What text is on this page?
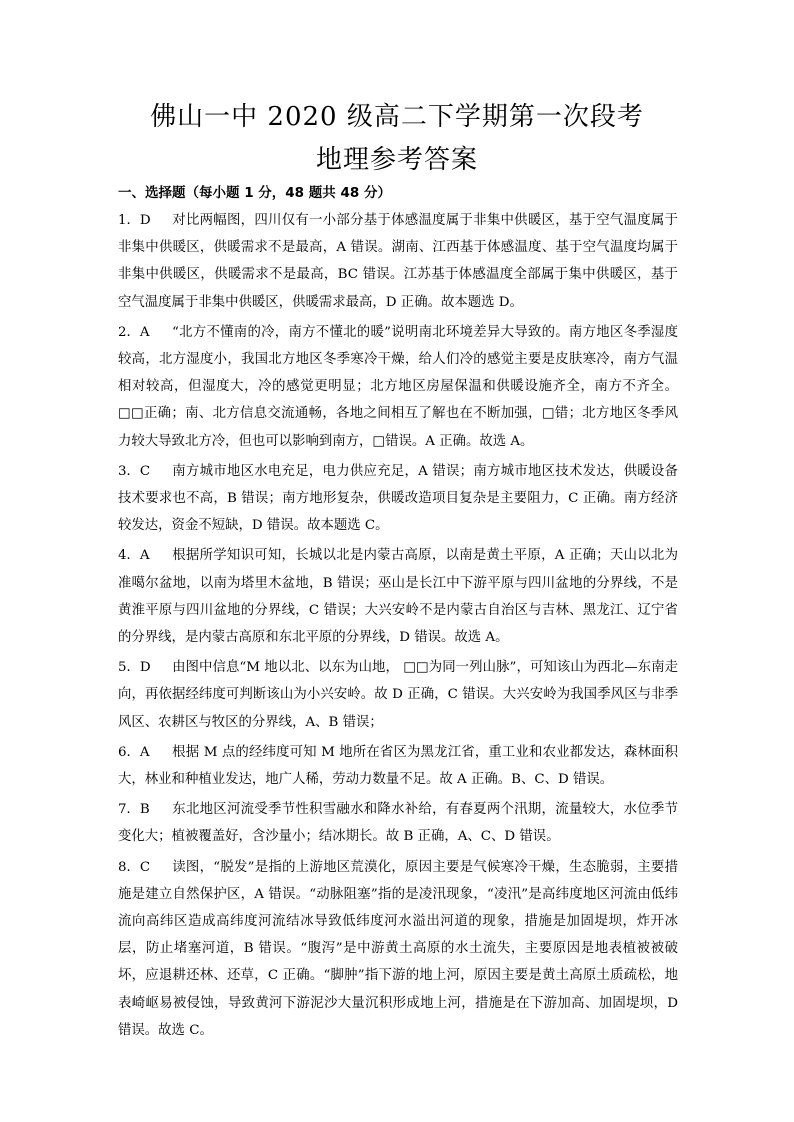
佛山一中 2020 级高二下学期第一次段考
地理参考答案
一、选择题（每小题 1 分，48 题共 48 分）

1．D 对比两幅图，四川仅有一小部分基于体感温度属于非集中供暖区，基于空气温度属于非集中供暖区，供暖需求不是最高，A 错误。湖南、江西基于体感温度、基于空气温度均属于非集中供暖区，供暖需求不是最高，BC 错误。江苏基于体感温度全部属于集中供暖区，基于空气温度属于非集中供暖区，供暖需求最高，D 正确。故本题选 D。

2．A “北方不懂南的冷，南方不懂北的暖”说明南北环境差异大导致的。南方地区冬季湿度较高，北方湿度小，我国北方地区冬季寒冷干燥，给人们冷的感觉主要是皮肤寒冷，南方气温相对较高，但湿度大，冷的感觉更明显；北方地区房屋保温和供暖设施齐全，南方不齐全。□□正确；南、北方信息交流通畅，各地之间相互了解也在不断加强，□错；北方地区冬季风力较大导致北方冷，但也可以影响到南方，□错误。A 正确。故选 A。

3．C 南方城市地区水电充足，电力供应充足，A 错误；南方城市地区技术发达，供暖设备技术要求也不高，B 错误；南方地形复杂，供暖改造项目复杂是主要阻力，C 正确。南方经济较发达，资金不短缺，D 错误。故本题选 C。

4．A 根据所学知识可知，长城以北是内蒙古高原，以南是黄土平原，A 正确；天山以北为准噶尔盆地，以南为塔里木盆地，B 错误；巫山是长江中下游平原与四川盆地的分界线，不是黄淮平原与四川盆地的分界线，C 错误；大兴安岭不是内蒙古自治区与吉林、黑龙江、辽宁省的分界线，是内蒙古高原和东北平原的分界线，D 错误。故选 A。

5．D 由图中信息“M 地以北、以东为山地， □□为同一列山脉”，可知该山为西北—东南走向，再依据经纬度可判断该山为小兴安岭。故 D 正确，C 错误。大兴安岭为我国季风区与非季风区、农耕区与牧区的分界线，A、B 错误；

6．A 根据 M 点的经纬度可知 M 地所在省区为黑龙江省，重工业和农业都发达，森林面积大，林业和种植业发达，地广人稀，劳动力数量不足。故 A 正确。B、C、D 错误。

7．B 东北地区河流受季节性积雪融水和降水补给，有春夏两个汛期，流量较大，水位季节变化大；植被覆盖好，含沙量小；结冰期长。故 B 正确，A、C、D 错误。

8．C 读图，“脱发”是指的上游地区荒漠化，原因主要是气候寒冷干燥，生态脆弱，主要措施是建立自然保护区，A 错误。“动脉阻塞”指的是凌汛现象，“凌汛”是高纬度地区河流由低纬流向高纬区造成高纬度河流结冰导致低纬度河水溢出河道的现象，措施是加固堤坝，炸开冰层，防止堵塞河道，B 错误。“腹泻”是中游黄土高原的水土流失，主要原因是地表植被被破坏，应退耕还林、还草，C 正确。“脚肿”指下游的地上河，原因主要是黄土高原土质疏松，地表崎岖易被侵蚀，导致黄河下游泥沙大量沉积形成地上河，措施是在下游加高、加固堤坝，D 错误。故选 C。
